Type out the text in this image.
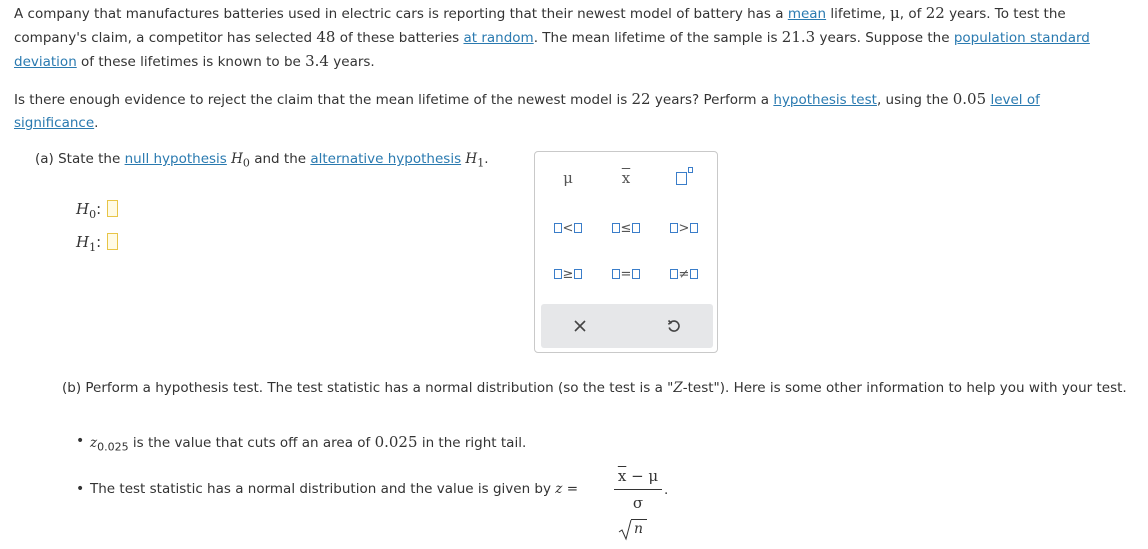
A company that manufactures batteries used in electric cars is reporting that their newest model of battery has a mean lifetime, μ, of 22 years. To test the company's claim, a competitor has selected 48 of these batteries at random. The mean lifetime of the sample is 21.3 years. Suppose the population standard deviation of these lifetimes is known to be 3.4 years.
Is there enough evidence to reject the claim that the mean lifetime of the newest model is 22 years? Perform a hypothesis test, using the 0.05 level of significance.
(a) State the null hypothesis $H_0$ and the alternative hypothesis $H_1$.
$H_0$:
$H_1$:
μ	$\overline{x}$
<	≤	>
≥	=	≠
(b) Perform a hypothesis test. The test statistic has a normal distribution (so the test is a "Z-test"). Here is some other information to help you with your test.
• $z_{0.025}$ is the value that cuts off an area of 0.025 in the right tail.
• The test statistic has a normal distribution and the value is given by z =
$\overline{x} - \mu$
σ
n
.
